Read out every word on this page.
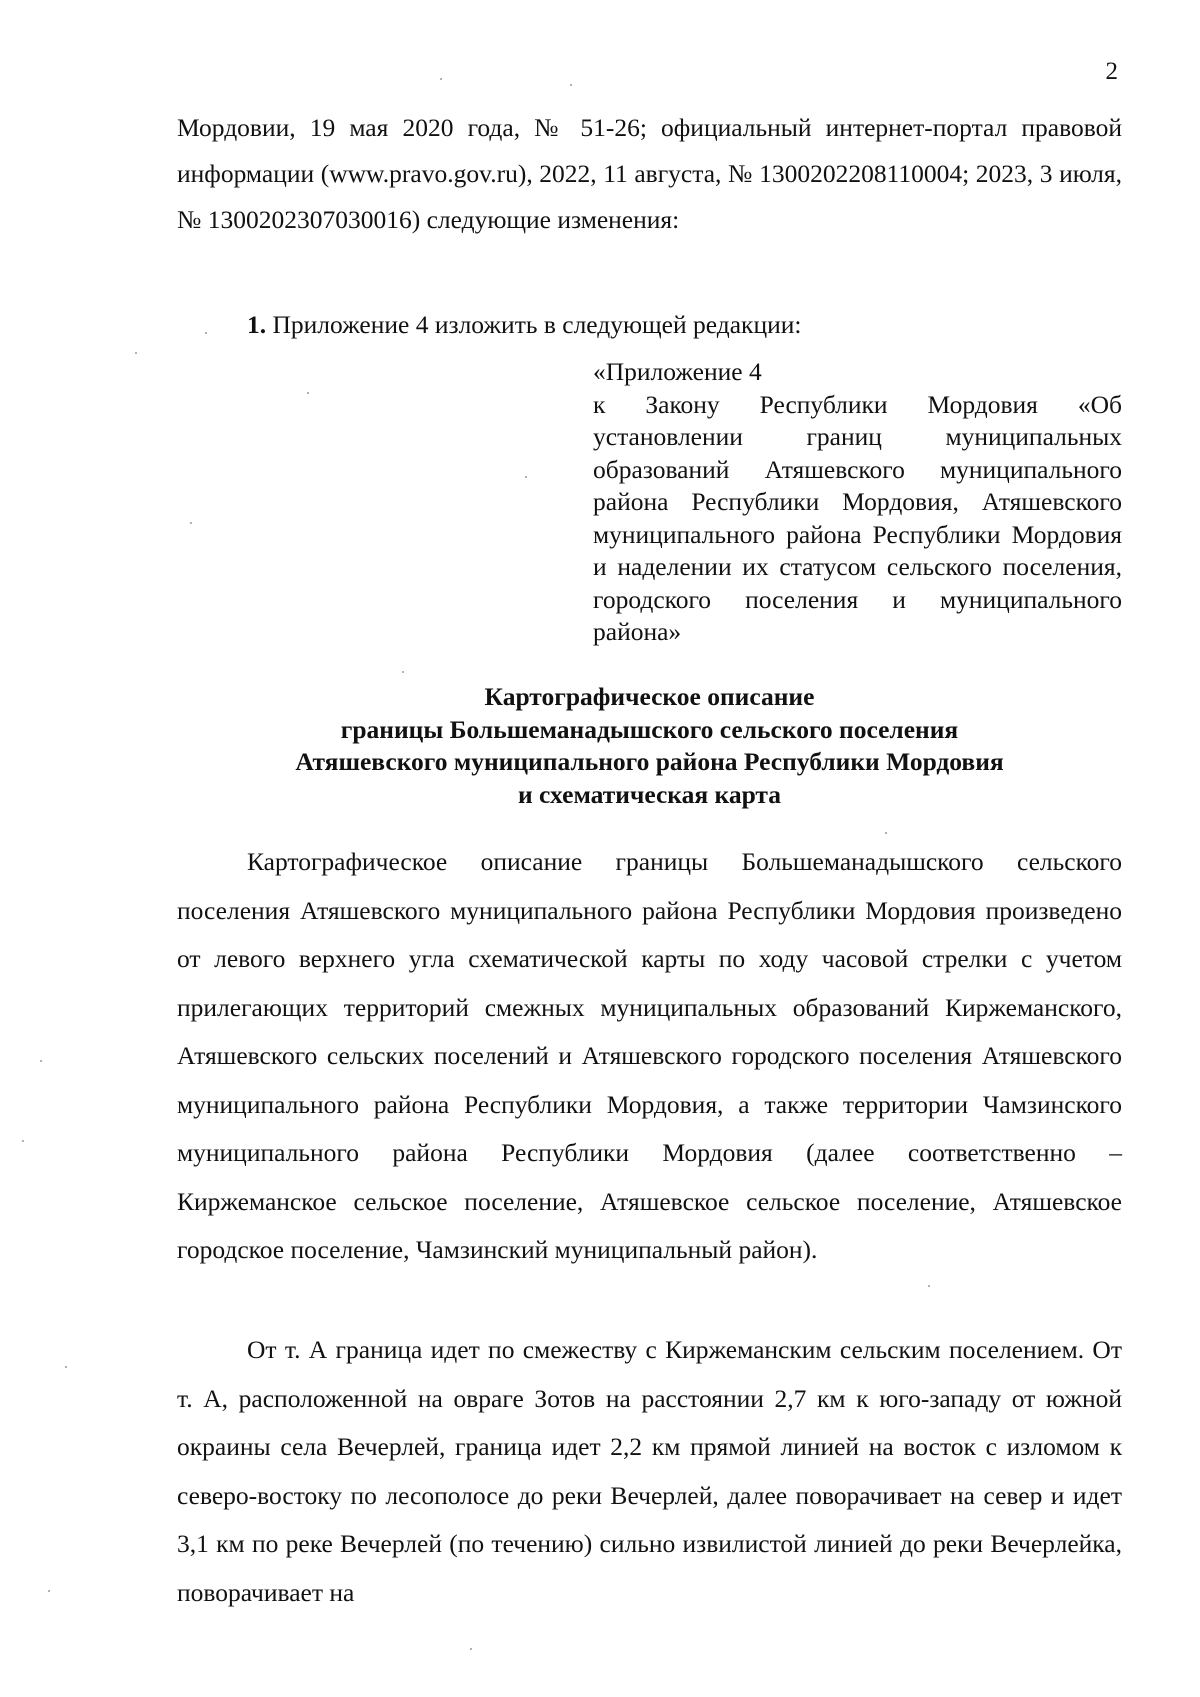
2
Мордовии, 19 мая 2020 года, № 51-26; официальный интернет-портал правовой информации (www.pravo.gov.ru), 2022, 11 августа, № 1300202208110004; 2023, 3 июля, № 1300202307030016) следующие изменения:
1. Приложение 4 изложить в следующей редакции:
«Приложение 4
к Закону Республики Мордовия «Об установлении границ муниципальных образований Атяшевского муниципального района Республики Мордовия, Атяшевского муниципального района Республики Мордовия и наделении их статусом сельского поселения, городского поселения и муниципального района»
Картографическое описание
границы Большеманадышского сельского поселения
Атяшевского муниципального района Республики Мордовия
и схематическая карта
Картографическое описание границы Большеманадышского сельского поселения Атяшевского муниципального района Республики Мордовия произведено от левого верхнего угла схематической карты по ходу часовой стрелки с учетом прилегающих территорий смежных муниципальных образований Киржеманского, Атяшевского сельских поселений и Атяшевского городского поселения Атяшевского муниципального района Республики Мордовия, а также территории Чамзинского муниципального района Республики Мордовия (далее соответственно – Киржеманское сельское поселение, Атяшевское сельское поселение, Атяшевское городское поселение, Чамзинский муниципальный район).
От т. А граница идет по смежеству с Киржеманским сельским поселением. От т. А, расположенной на овраге Зотов на расстоянии 2,7 км к юго-западу от южной окраины села Вечерлей, граница идет 2,2 км прямой линией на восток с изломом к северо-востоку по лесополосе до реки Вечерлей, далее поворачивает на север и идет 3,1 км по реке Вечерлей (по течению) сильно извилистой линией до реки Вечерлейка, поворачивает на
